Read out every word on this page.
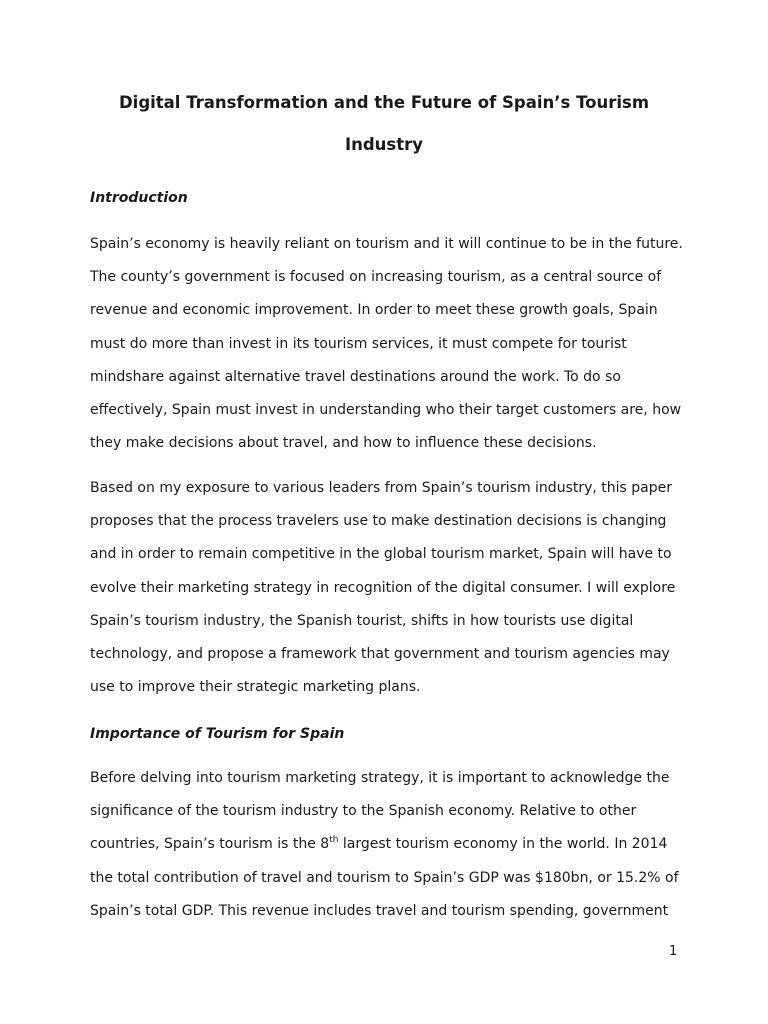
Digital Transformation and the Future of Spain’s Tourism
Industry
Introduction

Spain’s economy is heavily reliant on tourism and it will continue to be in the future.
The county’s government is focused on increasing tourism, as a central source of
revenue and economic improvement. In order to meet these growth goals, Spain
must do more than invest in its tourism services, it must compete for tourist
mindshare against alternative travel destinations around the work. To do so
effectively, Spain must invest in understanding who their target customers are, how
they make decisions about travel, and how to influence these decisions.

Based on my exposure to various leaders from Spain’s tourism industry, this paper
proposes that the process travelers use to make destination decisions is changing
and in order to remain competitive in the global tourism market, Spain will have to
evolve their marketing strategy in recognition of the digital consumer. I will explore
Spain’s tourism industry, the Spanish tourist, shifts in how tourists use digital
technology, and propose a framework that government and tourism agencies may
use to improve their strategic marketing plans.

Importance of Tourism for Spain

Before delving into tourism marketing strategy, it is important to acknowledge the
significance of the tourism industry to the Spanish economy. Relative to other
countries, Spain’s tourism is the 8th largest tourism economy in the world. In 2014
the total contribution of travel and tourism to Spain’s GDP was $180bn, or 15.2% of
Spain’s total GDP. This revenue includes travel and tourism spending, government

1
